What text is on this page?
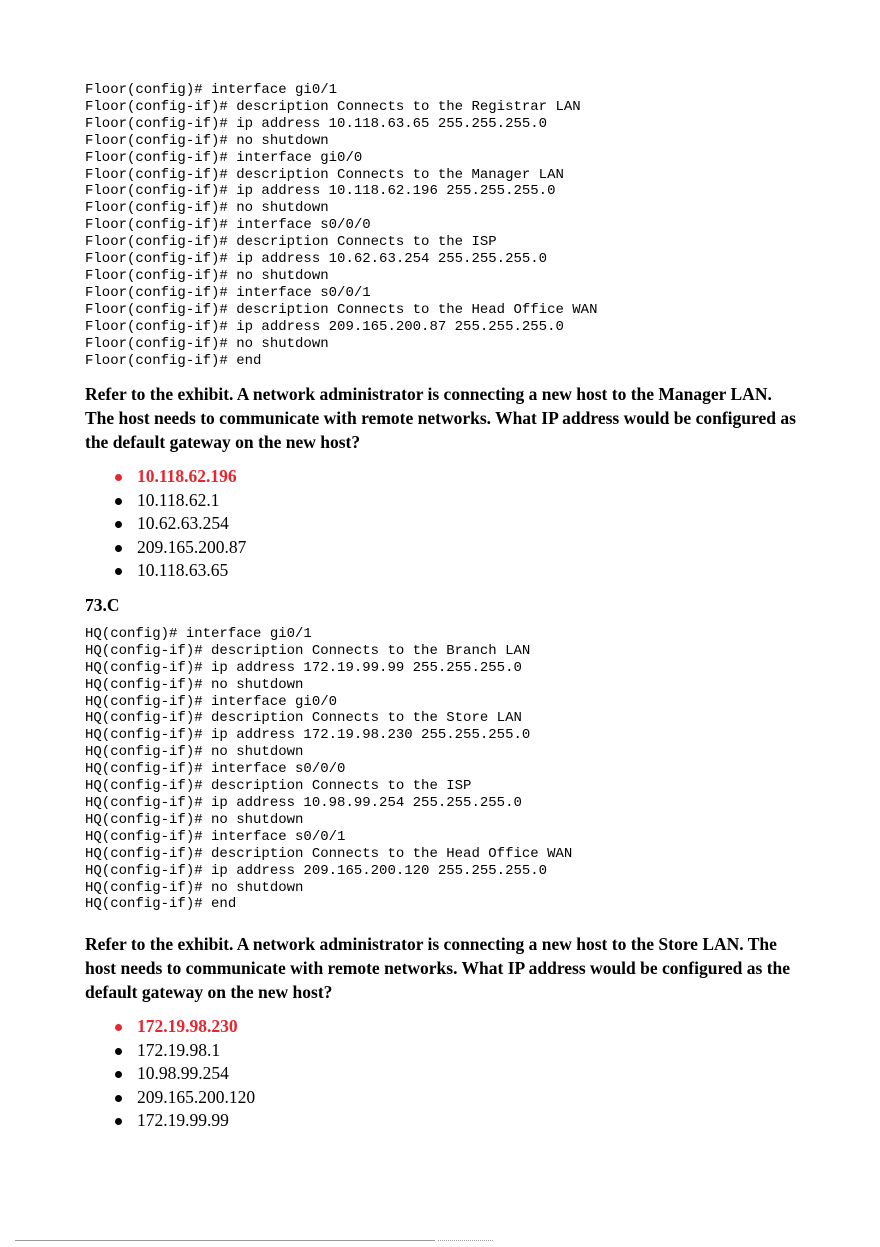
Floor(config)# interface gi0/1
Floor(config-if)# description Connects to the Registrar LAN
Floor(config-if)# ip address 10.118.63.65 255.255.255.0
Floor(config-if)# no shutdown
Floor(config-if)# interface gi0/0
Floor(config-if)# description Connects to the Manager LAN
Floor(config-if)# ip address 10.118.62.196 255.255.255.0
Floor(config-if)# no shutdown
Floor(config-if)# interface s0/0/0
Floor(config-if)# description Connects to the ISP
Floor(config-if)# ip address 10.62.63.254 255.255.255.0
Floor(config-if)# no shutdown
Floor(config-if)# interface s0/0/1
Floor(config-if)# description Connects to the Head Office WAN
Floor(config-if)# ip address 209.165.200.87 255.255.255.0
Floor(config-if)# no shutdown
Floor(config-if)# end

Refer to the exhibit. A network administrator is connecting a new host to the Manager LAN. The host needs to communicate with remote networks. What IP address would be configured as the default gateway on the new host?

10.118.62.196
10.118.62.1
10.62.63.254
209.165.200.87
10.118.63.65

73.C

HQ(config)# interface gi0/1
HQ(config-if)# description Connects to the Branch LAN
HQ(config-if)# ip address 172.19.99.99 255.255.255.0
HQ(config-if)# no shutdown
HQ(config-if)# interface gi0/0
HQ(config-if)# description Connects to the Store LAN
HQ(config-if)# ip address 172.19.98.230 255.255.255.0
HQ(config-if)# no shutdown
HQ(config-if)# interface s0/0/0
HQ(config-if)# description Connects to the ISP
HQ(config-if)# ip address 10.98.99.254 255.255.255.0
HQ(config-if)# no shutdown
HQ(config-if)# interface s0/0/1
HQ(config-if)# description Connects to the Head Office WAN
HQ(config-if)# ip address 209.165.200.120 255.255.255.0
HQ(config-if)# no shutdown
HQ(config-if)# end

Refer to the exhibit. A network administrator is connecting a new host to the Store LAN. The host needs to communicate with remote networks. What IP address would be configured as the default gateway on the new host?

172.19.98.230
172.19.98.1
10.98.99.254
209.165.200.120
172.19.99.99
